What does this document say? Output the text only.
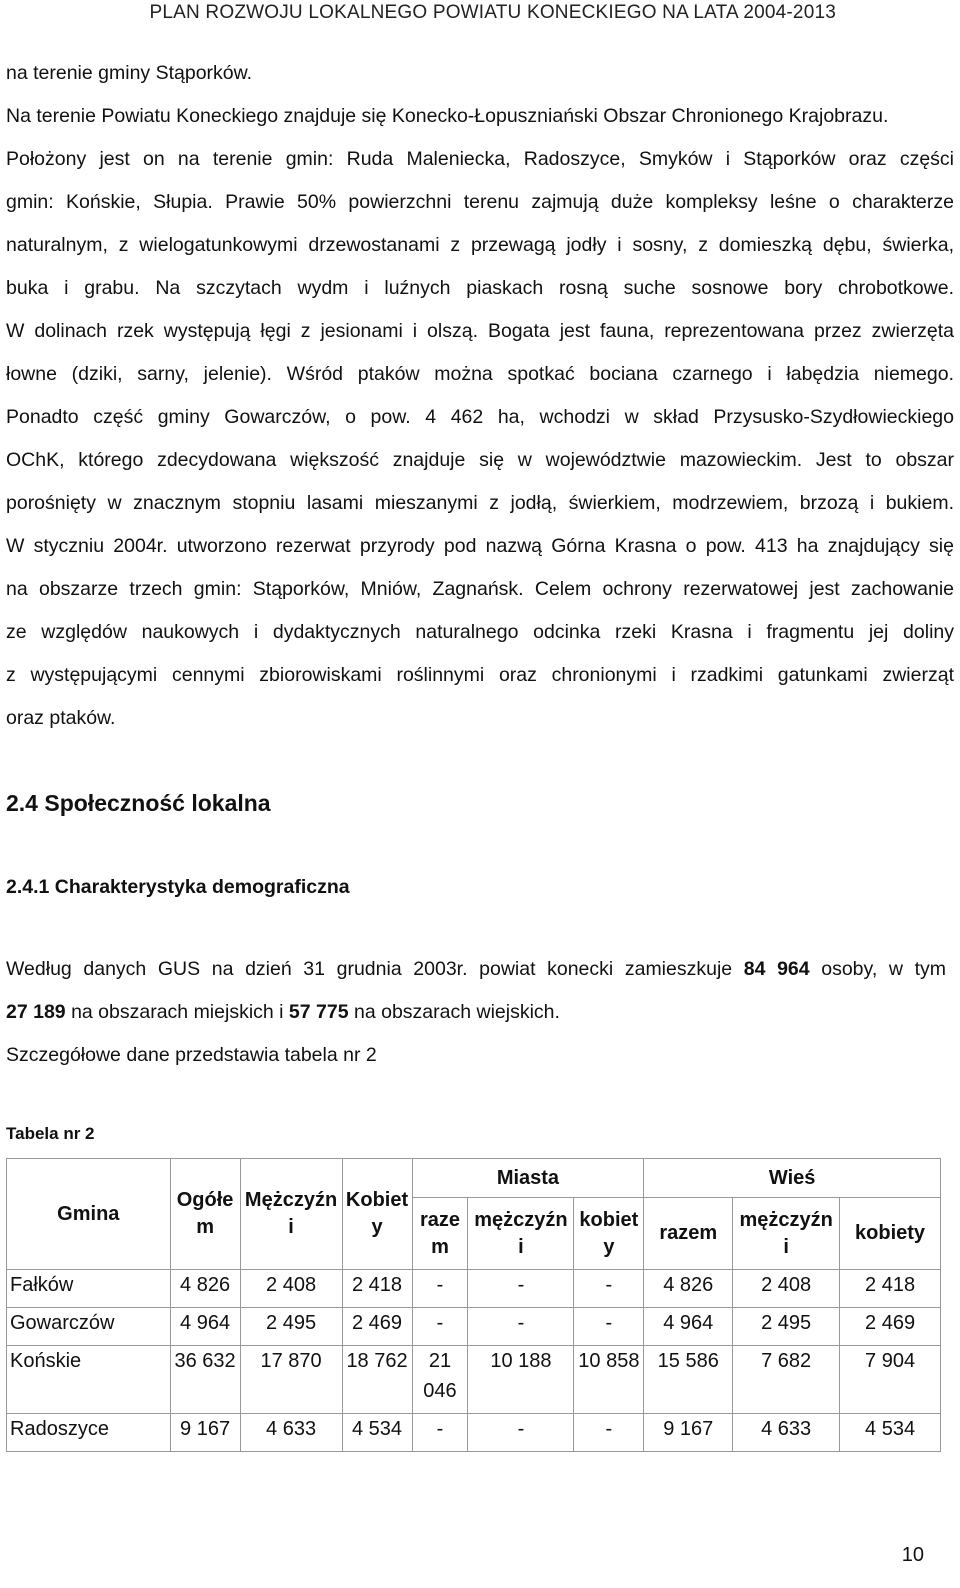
PLAN ROZWOJU LOKALNEGO POWIATU KONECKIEGO NA LATA 2004-2013
na terenie gminy Stąporków.
Na terenie Powiatu Koneckiego znajduje się Konecko-Łopuszniański Obszar Chronionego Krajobrazu.
Położony jest on na terenie gmin: Ruda Maleniecka, Radoszyce, Smyków i Stąporków oraz części
gmin: Końskie, Słupia. Prawie 50% powierzchni terenu zajmują duże kompleksy leśne o charakterze
naturalnym, z wielogatunkowymi drzewostanami z przewagą jodły i sosny, z domieszką dębu, świerka,
buka i grabu. Na szczytach wydm i luźnych piaskach rosną suche sosnowe bory chrobotkowe.
W dolinach rzek występują łęgi z jesionami i olszą. Bogata jest fauna, reprezentowana przez zwierzęta
łowne (dziki, sarny, jelenie). Wśród ptaków można spotkać bociana czarnego i łabędzia niemego.
Ponadto część gminy Gowarczów, o pow. 4 462 ha, wchodzi w skład Przysusko-Szydłowieckiego
OChK, którego zdecydowana większość znajduje się w województwie mazowieckim. Jest to obszar
porośnięty w znacznym stopniu lasami mieszanymi z jodłą, świerkiem, modrzewiem, brzozą i bukiem.
W styczniu 2004r. utworzono rezerwat przyrody pod nazwą Górna Krasna o pow. 413 ha znajdujący się
na obszarze trzech gmin: Stąporków, Mniów, Zagnańsk. Celem ochrony rezerwatowej jest zachowanie
ze względów naukowych i dydaktycznych naturalnego odcinka rzeki Krasna i fragmentu jej doliny
z występującymi cennymi zbiorowiskami roślinnymi oraz chronionymi i rzadkimi gatunkami zwierząt
oraz ptaków.
2.4 Społeczność lokalna
2.4.1 Charakterystyka demograficzna
Według danych GUS na dzień 31 grudnia 2003r. powiat konecki zamieszkuje 84 964 osoby, w tym
27 189 na obszarach miejskich i 57 775 na obszarach wiejskich.
Szczegółowe dane przedstawia tabela nr 2
Tabela nr 2
Gmina	Ogółe m	Mężczyźn i	Kobiet y	Miasta			Wieś		
				raze m	mężczyźn i	kobiet y	razem	mężczyźn i	kobiety
Fałków	4 826	2 408	2 418	-	-	-	4 826	2 408	2 418
Gowarczów	4 964	2 495	2 469	-	-	-	4 964	2 495	2 469
Końskie	36 632	17 870	18 762	21 046	10 188	10 858	15 586	7 682	7 904
Radoszyce	9 167	4 633	4 534	-	-	-	9 167	4 633	4 534
10
